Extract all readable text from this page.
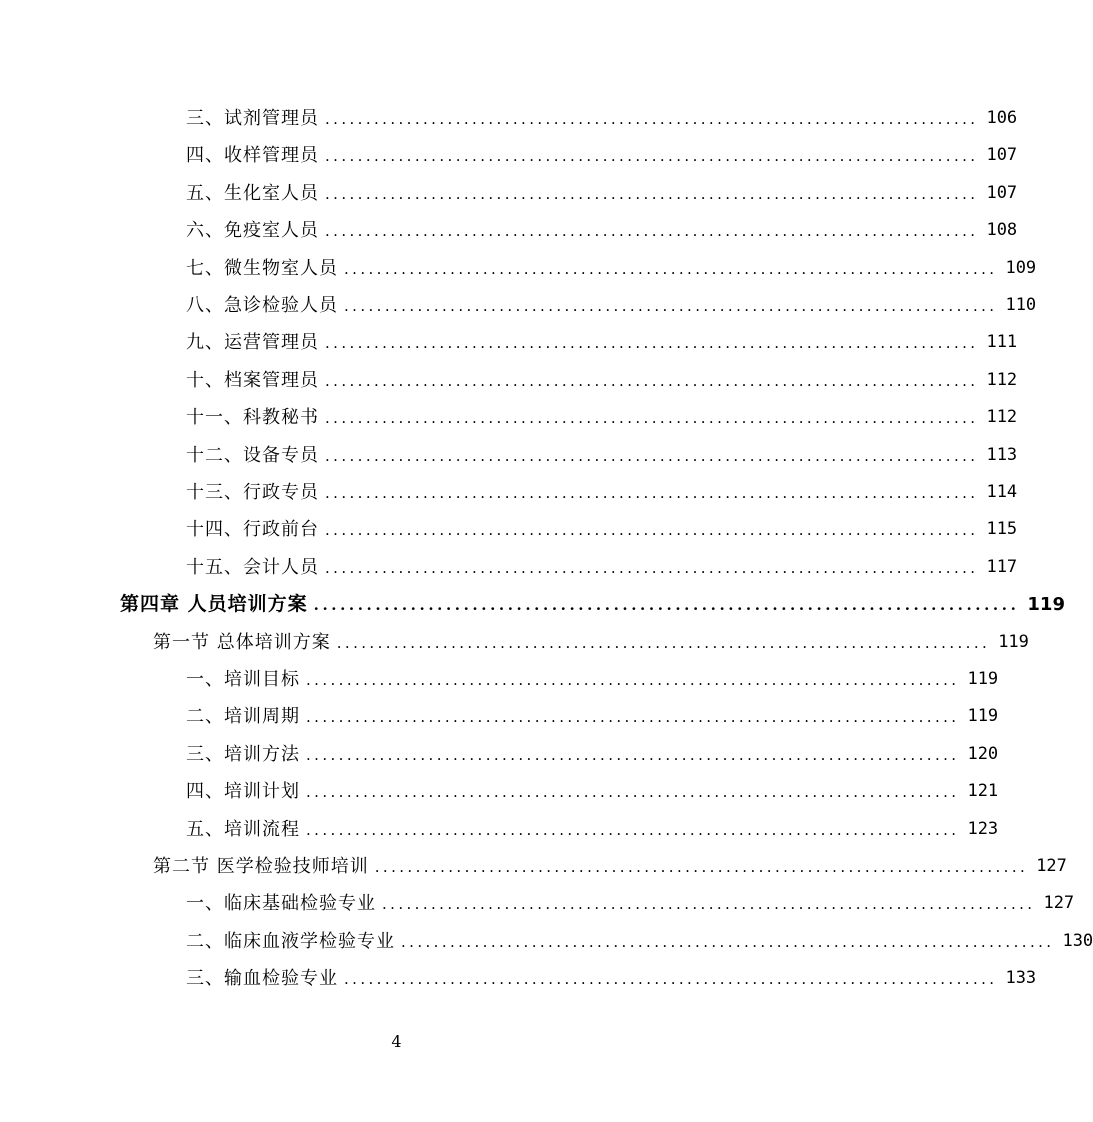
三、试剂管理员 ................................................................................ 106
四、收样管理员 ................................................................................ 107
五、生化室人员 ................................................................................ 107
六、免疫室人员 ................................................................................ 108
七、微生物室人员 ................................................................................ 109
八、急诊检验人员 ................................................................................ 110
九、运营管理员 ................................................................................ 111
十、档案管理员 ................................................................................ 112
十一、科教秘书 ................................................................................ 112
十二、设备专员 ................................................................................ 113
十三、行政专员 ................................................................................ 114
十四、行政前台 ................................................................................ 115
十五、会计人员 ................................................................................ 117
第四章 人员培训方案 ................................................................................ 119
第一节 总体培训方案 ................................................................................ 119
一、培训目标 ................................................................................ 119
二、培训周期 ................................................................................ 119
三、培训方法 ................................................................................ 120
四、培训计划 ................................................................................ 121
五、培训流程 ................................................................................ 123
第二节 医学检验技师培训 ................................................................................ 127
一、临床基础检验专业 ................................................................................ 127
二、临床血液学检验专业 ................................................................................ 130
三、输血检验专业 ................................................................................ 133
4
